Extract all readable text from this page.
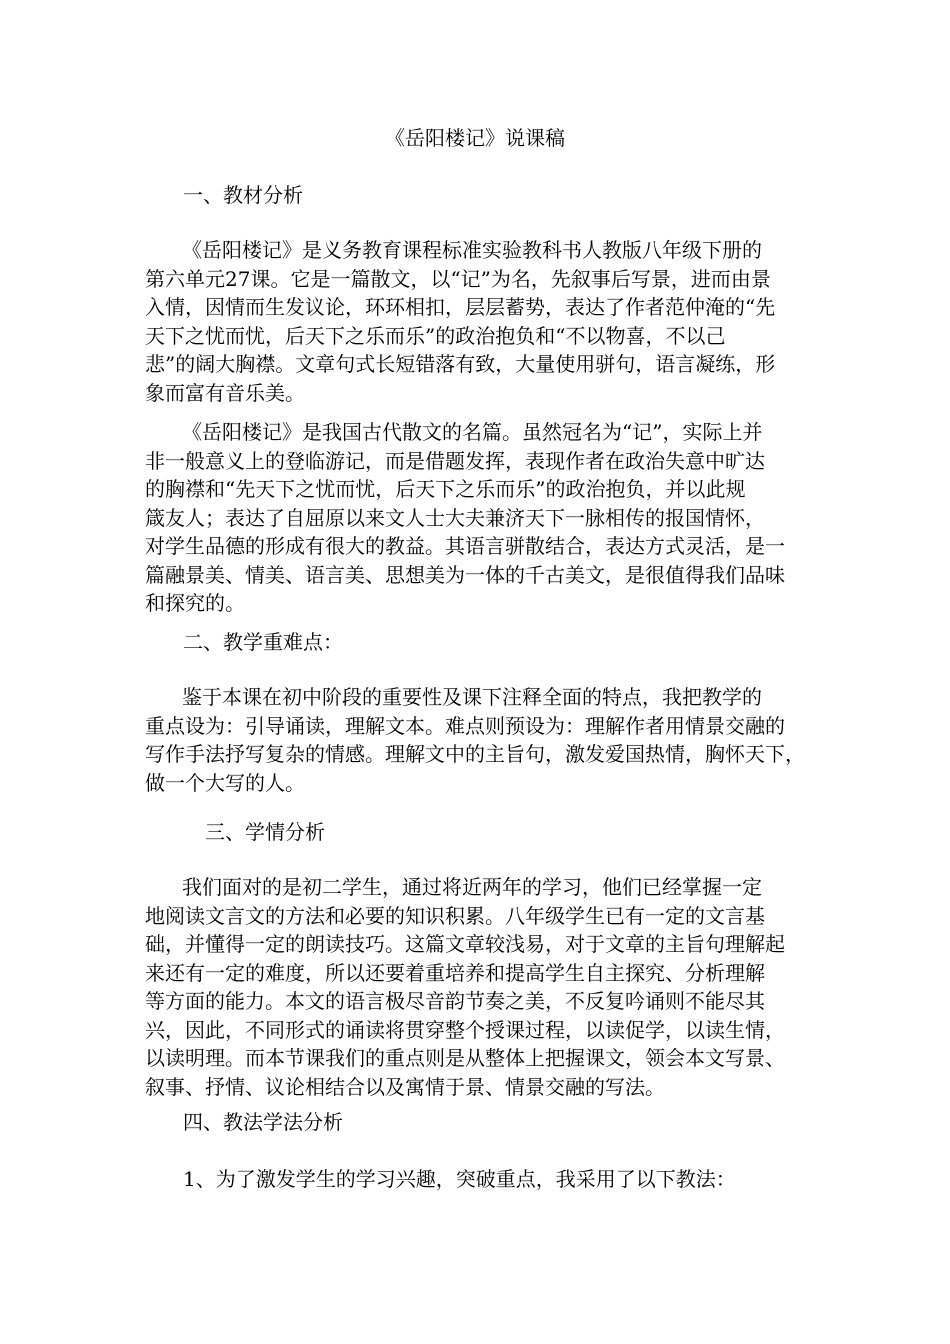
《岳阳楼记》说课稿
一、教材分析
《岳阳楼记》是义务教育课程标准实验教科书人教版八年级下册的
第六单元27课。它是一篇散文，以“记”为名，先叙事后写景，进而由景
入情，因情而生发议论，环环相扣，层层蓄势，表达了作者范仲淹的“先
天下之忧而忧，后天下之乐而乐”的政治抱负和“不以物喜，不以己
悲”的阔大胸襟。文章句式长短错落有致，大量使用骈句，语言凝练，形
象而富有音乐美。
《岳阳楼记》是我国古代散文的名篇。虽然冠名为“记”，实际上并
非一般意义上的登临游记，而是借题发挥，表现作者在政治失意中旷达
的胸襟和“先天下之忧而忧，后天下之乐而乐”的政治抱负，并以此规
箴友人；表达了自屈原以来文人士大夫兼济天下一脉相传的报国情怀，
对学生品德的形成有很大的教益。其语言骈散结合，表达方式灵活，是一
篇融景美、情美、语言美、思想美为一体的千古美文，是很值得我们品味
和探究的。
二、教学重难点：
鉴于本课在初中阶段的重要性及课下注释全面的特点，我把教学的
重点设为：引导诵读，理解文本。难点则预设为：理解作者用情景交融的
写作手法抒写复杂的情感。理解文中的主旨句，激发爱国热情，胸怀天下，
做一个大写的人。
三、学情分析
我们面对的是初二学生，通过将近两年的学习，他们已经掌握一定
地阅读文言文的方法和必要的知识积累。八年级学生已有一定的文言基
础，并懂得一定的朗读技巧。这篇文章较浅易，对于文章的主旨句理解起
来还有一定的难度，所以还要着重培养和提高学生自主探究、分析理解
等方面的能力。本文的语言极尽音韵节奏之美，不反复吟诵则不能尽其
兴，因此，不同形式的诵读将贯穿整个授课过程，以读促学，以读生情，
以读明理。而本节课我们的重点则是从整体上把握课文，领会本文写景、
叙事、抒情、议论相结合以及寓情于景、情景交融的写法。
四、教法学法分析
1、为了激发学生的学习兴趣，突破重点，我采用了以下教法：
